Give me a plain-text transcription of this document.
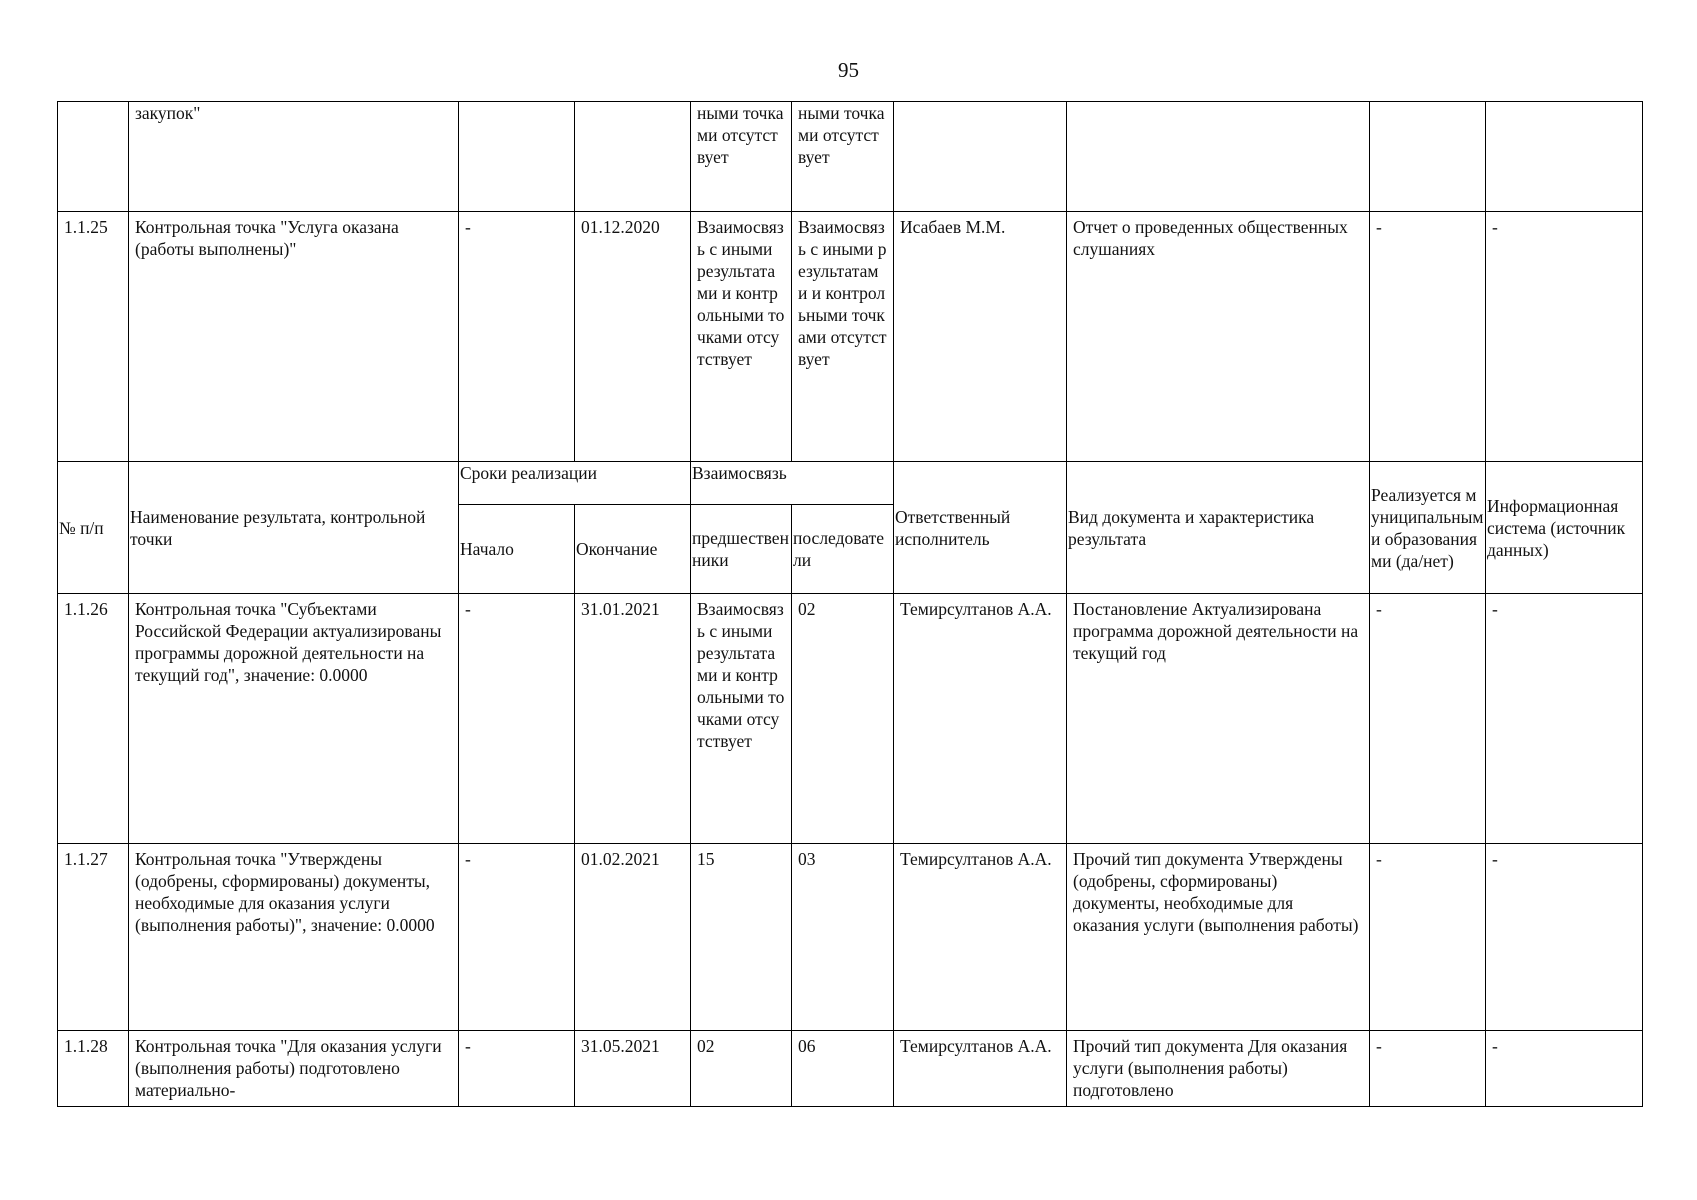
95
	закупок"			ными точками отсутствует	ными точками отсутствует				
1.1.25	Контрольная точка "Услуга оказана (работы выполнены)"	-	01.12.2020	Взаимосвязь с иными результатами и контрольными точками отсутствует	Взаимосвязь с иными результатами и контрольными точками отсутствует	Исабаев М.М.	Отчет о проведенных общественных слушаниях	-	-
№ п/п	Наименование результата, контрольной точки	Сроки реализации		Взаимосвязь		Ответственный исполнитель	Вид документа и характеристика результата	Реализуется муниципальными образованиями (да/нет)	Информационная система (источник данных)
		Начало	Окончание	предшественники	последователи				
1.1.26	Контрольная точка "Субъектами Российской Федерации актуализированы программы дорожной деятельности на текущий год", значение: 0.0000	-	31.01.2021	Взаимосвязь с иными результатами и контрольными точками отсутствует	02	Темирсултанов А.А.	Постановление Актуализирована программа дорожной деятельности на текущий год	-	-
1.1.27	Контрольная точка "Утверждены (одобрены, сформированы) документы, необходимые для оказания услуги (выполнения работы)", значение: 0.0000	-	01.02.2021	15	03	Темирсултанов А.А.	Прочий тип документа Утверждены (одобрены, сформированы) документы, необходимые для оказания услуги (выполнения работы)	-	-
1.1.28	Контрольная точка "Для оказания услуги (выполнения работы) подготовлено материально-	-	31.05.2021	02	06	Темирсултанов А.А.	Прочий тип документа Для оказания услуги (выполнения работы) подготовлено	-	-
